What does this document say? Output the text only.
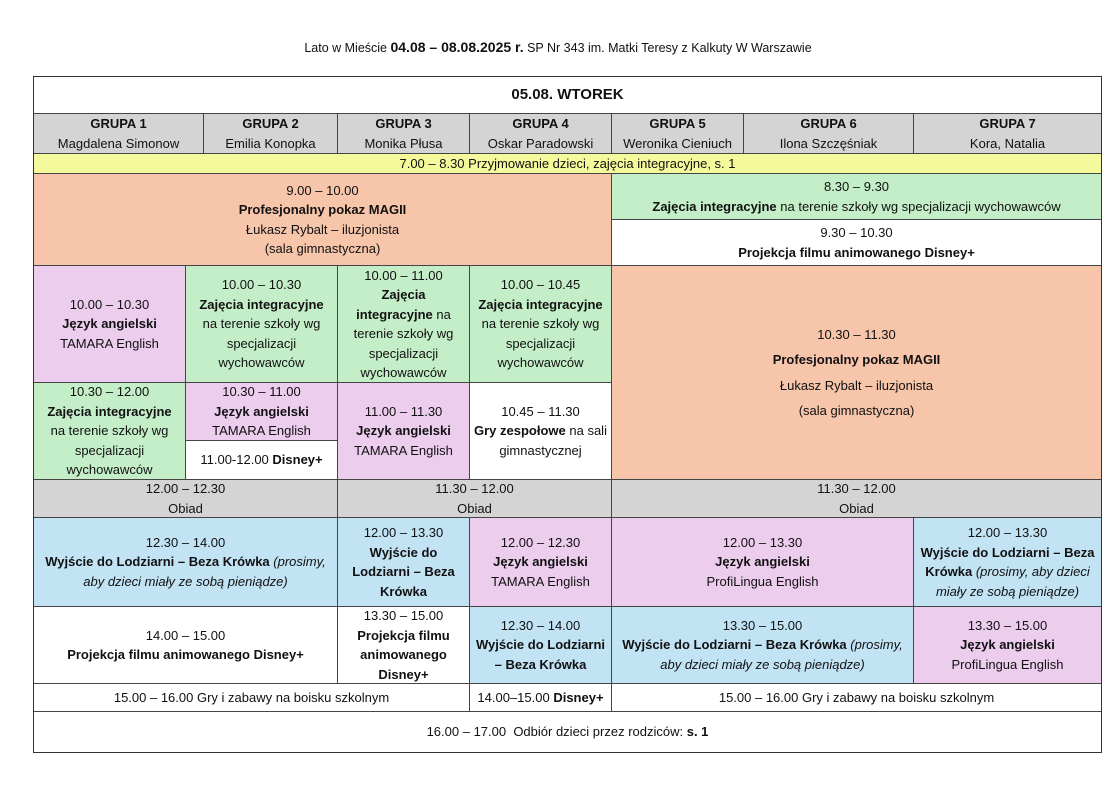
Lato w Mieście 04.08 – 08.08.2025 r. SP Nr 343 im. Matki Teresy z Kalkuty W Warszawie
05.08. WTOREK
GRUPA 1
Magdalena Simonow
GRUPA 2
Emilia Konopka
GRUPA 3
Monika Płusa
GRUPA 4
Oskar Paradowski
GRUPA 5
Weronika Cieniuch
GRUPA 6
Ilona Szczęśniak
GRUPA 7
Kora, Natalia
7.00 – 8.30 Przyjmowanie dzieci, zajęcia integracyjne, s. 1
9.00 – 10.00
Profesjonalny pokaz MAGII
Łukasz Rybalt – iluzjonista
(sala gimnastyczna)
8.30 – 9.30
Zajęcia integracyjne na terenie szkoły wg specjalizacji wychowawców
9.30 – 10.30
Projekcja filmu animowanego Disney+
10.00 – 10.30
Język angielski
TAMARA English
10.00 – 10.30
Zajęcia integracyjne
na terenie szkoły wg specjalizacji wychowawców
10.00 – 11.00
Zajęcia integracyjne na terenie szkoły wg specjalizacji wychowawców
10.00 – 10.45
Zajęcia integracyjne
na terenie szkoły wg specjalizacji wychowawców
10.30 – 11.30
Profesjonalny pokaz MAGII
Łukasz Rybalt – iluzjonista
(sala gimnastyczna)
10.30 – 12.00
Zajęcia integracyjne
na terenie szkoły wg specjalizacji wychowawców
10.30 – 11.00
Język angielski
TAMARA English
11.00-12.00 Disney+
11.00 – 11.30
Język angielski
TAMARA English
10.45 – 11.30
Gry zespołowe na sali gimnastycznej
12.00 – 12.30
Obiad
11.30 – 12.00
Obiad
11.30 – 12.00
Obiad
12.30 – 14.00
Wyjście do Lodziarni – Beza Krówka (prosimy, aby dzieci miały ze sobą pieniądze)
12.00 – 13.30
Wyjście do Lodziarni – Beza Krówka
12.00 – 12.30
Język angielski
TAMARA English
12.00 – 13.30
Język angielski
ProfiLingua English
12.00 – 13.30
Wyjście do Lodziarni – Beza Krówka (prosimy, aby dzieci miały ze sobą pieniądze)
14.00 – 15.00
Projekcja filmu animowanego Disney+
13.30 – 15.00
Projekcja filmu animowanego Disney+
12.30 – 14.00
Wyjście do Lodziarni – Beza Krówka
13.30 – 15.00
Wyjście do Lodziarni – Beza Krówka (prosimy, aby dzieci miały ze sobą pieniądze)
13.30 – 15.00
Język angielski
ProfiLingua English
15.00 – 16.00 Gry i zabawy na boisku szkolnym	14.00–15.00 Disney+	15.00 – 16.00 Gry i zabawy na boisku szkolnym
16.00 – 17.00  Odbiór dzieci przez rodziców: s. 1
